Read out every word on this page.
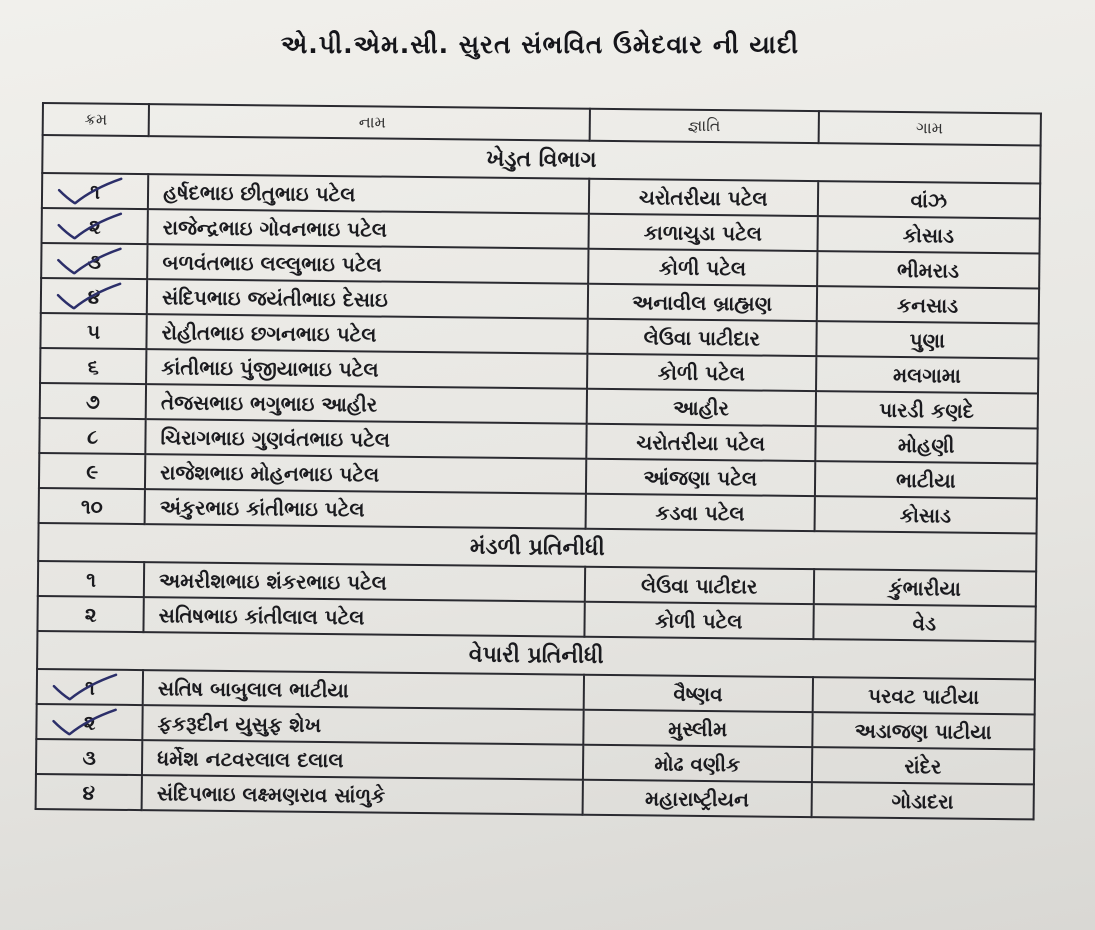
એ.પી.એમ.સી. સુરત સંભવિત ઉમેદવાર ની યાદી
ક્રમ	નામ	જ્ઞાતિ	ગામ
ખેડુત વિભાગ			
૧	હર્ષદભાઇ છીતુભાઇ પટેલ	ચરોતરીયા પટેલ	વાંઝ
૨	રાજેન્દ્રભાઇ ગોવનભાઇ પટેલ	કાળાચુડા પટેલ	કોસાડ
૩	બળવંતભાઇ લલ્લુભાઇ પટેલ	કોળી પટેલ	ભીમરાડ
૪	સંદિપભાઇ જયંતીભાઇ દેસાઇ	અનાવીલ બ્રાહ્મણ	કનસાડ
૫	રોહીતભાઇ છગનભાઇ પટેલ	લેઉવા પાટીદાર	પુણા
૬	કાંતીભાઇ પુંજીયાભાઇ પટેલ	કોળી પટેલ	મલગામા
૭	તેજસભાઇ ભગુભાઇ આહીર	આહીર	પારડી કણદે
૮	ચિરાગભાઇ ગુણવંતભાઇ પટેલ	ચરોતરીયા પટેલ	મોહણી
૯	રાજેશભાઇ મોહનભાઇ પટેલ	આંજણા પટેલ	ભાટીયા
૧૦	અંકુરભાઇ કાંતીભાઇ પટેલ	કડવા પટેલ	કોસાડ
મંડળી પ્રતિનીધી			
૧	અમરીશભાઇ શંકરભાઇ પટેલ	લેઉવા પાટીદાર	કુંભારીયા
૨	સતિષભાઇ કાંતીલાલ પટેલ	કોળી પટેલ	વેડ
વેપારી પ્રતિનીધી			
૧	સતિષ બાબુલાલ ભાટીયા	વૈષ્ણવ	પરવટ પાટીયા
૨	ફકરૂદીન યુસુફ શેખ	મુસ્લીમ	અડાજણ પાટીયા
૩	ધર્મેશ નટવરલાલ દલાલ	મોઢ વણીક	રાંદેર
૪	સંદિપભાઇ લક્ષ્મણરાવ સાંળુકે	મહારાષ્ટ્રીયન	ગોડાદરા
